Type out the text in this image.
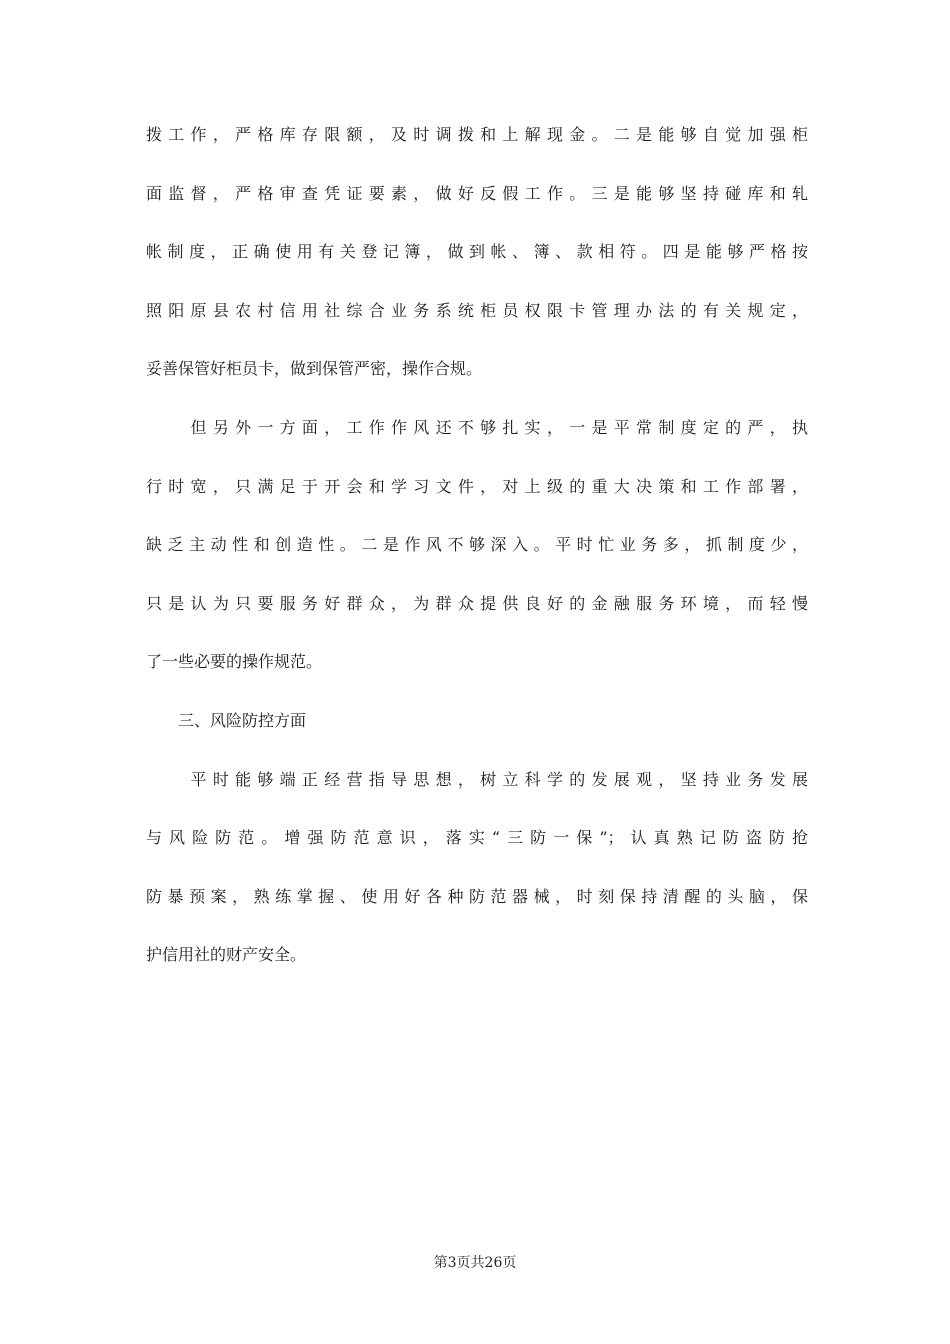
拨工作，严格库存限额，及时调拨和上解现金。二是能够自觉加强柜
面监督，严格审查凭证要素，做好反假工作。三是能够坚持碰库和轧
帐制度，正确使用有关登记簿，做到帐、簿、款相符。四是能够严格按
照阳原县农村信用社综合业务系统柜员权限卡管理办法的有关规定，
妥善保管好柜员卡，做到保管严密，操作合规。
　　但另外一方面，工作作风还不够扎实，一是平常制度定的严，执
行时宽，只满足于开会和学习文件，对上级的重大决策和工作部署，
缺乏主动性和创造性。二是作风不够深入。平时忙业务多，抓制度少，
只是认为只要服务好群众，为群众提供良好的金融服务环境，而轻慢
了一些必要的操作规范。
　　三、风险防控方面
　　平时能够端正经营指导思想，树立科学的发展观，坚持业务发展
与风险防范。增强防范意识，落实“三防一保”；认真熟记防盗防抢
防暴预案，熟练掌握、使用好各种防范器械，时刻保持清醒的头脑，保
护信用社的财产安全。
第3页共26页
